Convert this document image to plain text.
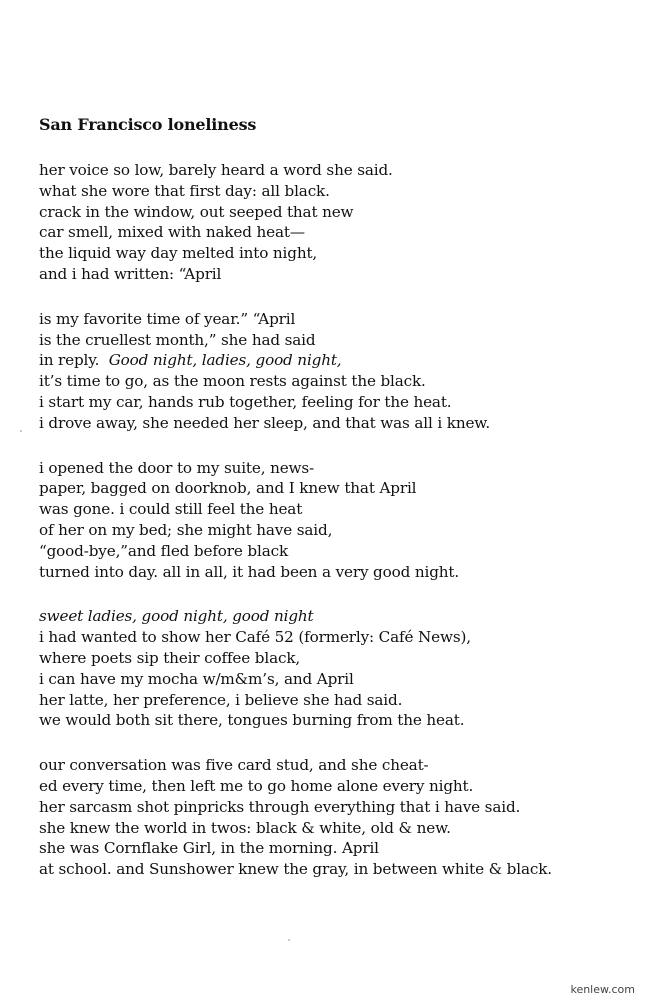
San Francisco loneliness
her voice so low, barely heard a word she said.
what she wore that first day: all black.
crack in the window, out seeped that new
car smell, mixed with naked heat—
the liquid way day melted into night,
and i had written: “April
is my favorite time of year.” “April
is the cruellest month,” she had said
in reply.  Good night, ladies, good night,
it’s time to go, as the moon rests against the black.
i start my car, hands rub together, feeling for the heat.
i drove away, she needed her sleep, and that was all i knew.
i opened the door to my suite, news-
paper, bagged on doorknob, and I knew that April
was gone. i could still feel the heat
of her on my bed; she might have said,
“good-bye,”and fled before black
turned into day. all in all, it had been a very good night.
sweet ladies, good night, good night
i had wanted to show her Café 52 (formerly: Café News),
where poets sip their coffee black,
i can have my mocha w/m&m’s, and April
her latte, her preference, i believe she had said.
we would both sit there, tongues burning from the heat.
our conversation was five card stud, and she cheat-
ed every time, then left me to go home alone every night.
her sarcasm shot pinpricks through everything that i have said.
she knew the world in twos: black & white, old & new.
she was Cornflake Girl, in the morning. April
at school. and Sunshower knew the gray, in between white & black.
kenlew.com
